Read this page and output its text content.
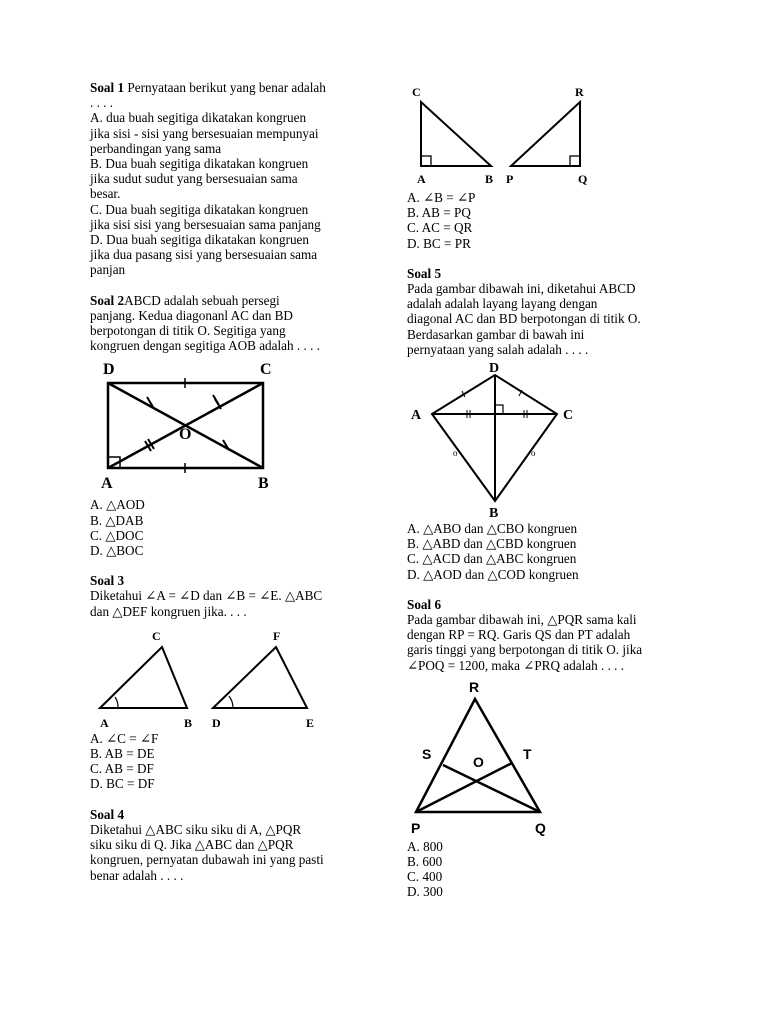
Soal 1 Pernyataan berikut yang benar adalah
. . . .
A. dua buah segitiga dikatakan kongruen
jika sisi - sisi yang bersesuaian mempunyai
perbandingan yang sama
B. Dua buah segitiga dikatakan kongruen
jika sudut sudut yang bersesuaian sama
besar.
C. Dua buah segitiga dikatakan kongruen
jika sisi sisi yang bersesuaian sama panjang
D. Dua buah segitiga dikatakan kongruen
jika dua pasang sisi yang bersesuaian sama
panjan
Soal 2ABCD adalah sebuah persegi
panjang. Kedua diagonanl AC dan BD
berpotongan di titik O. Segitiga yang
kongruen dengan segitiga AOB adalah . . . .
D	C
A	B
O
A. △AOD
B. △DAB
C. △DOC
D. △BOC
Soal 3
Diketahui ∠A = ∠D dan ∠B = ∠E. △ABC
dan △DEF kongruen jika. . . .
C
A	B
F
D	E
A. ∠C = ∠F
B. AB = DE
C. AB = DF
D. BC = DF
Soal 4
Diketahui △ABC siku siku di A, △PQR
siku siku di Q. Jika △ABC dan △PQR
kongruen, pernyatan dubawah ini yang pasti
benar adalah . . . .
C
A	B
R
P	Q
A. ∠B = ∠P
B. AB = PQ
C. AC = QR
D. BC = PR
Soal 5
Pada gambar dibawah ini, diketahui ABCD
adalah adalah layang layang dengan
diagonal AC dan BD berpotongan di titik O.
Berdasarkan gambar di bawah ini
pernyataan yang salah adalah . . . .
o	o
D
A	C
B
A. △ABO dan △CBO kongruen
B. △ABD dan △CBD kongruen
C. △ACD dan △ABC kongruen
D. △AOD dan △COD kongruen
Soal 6
Pada gambar dibawah ini, △PQR sama kali
dengan RP = RQ. Garis QS dan PT adalah
garis tinggi yang berpotongan di titik O. jika
∠POQ = 1200, maka ∠PRQ adalah . . . .
R
S	T
O
P	Q
A. 800
B. 600
C. 400
D. 300
